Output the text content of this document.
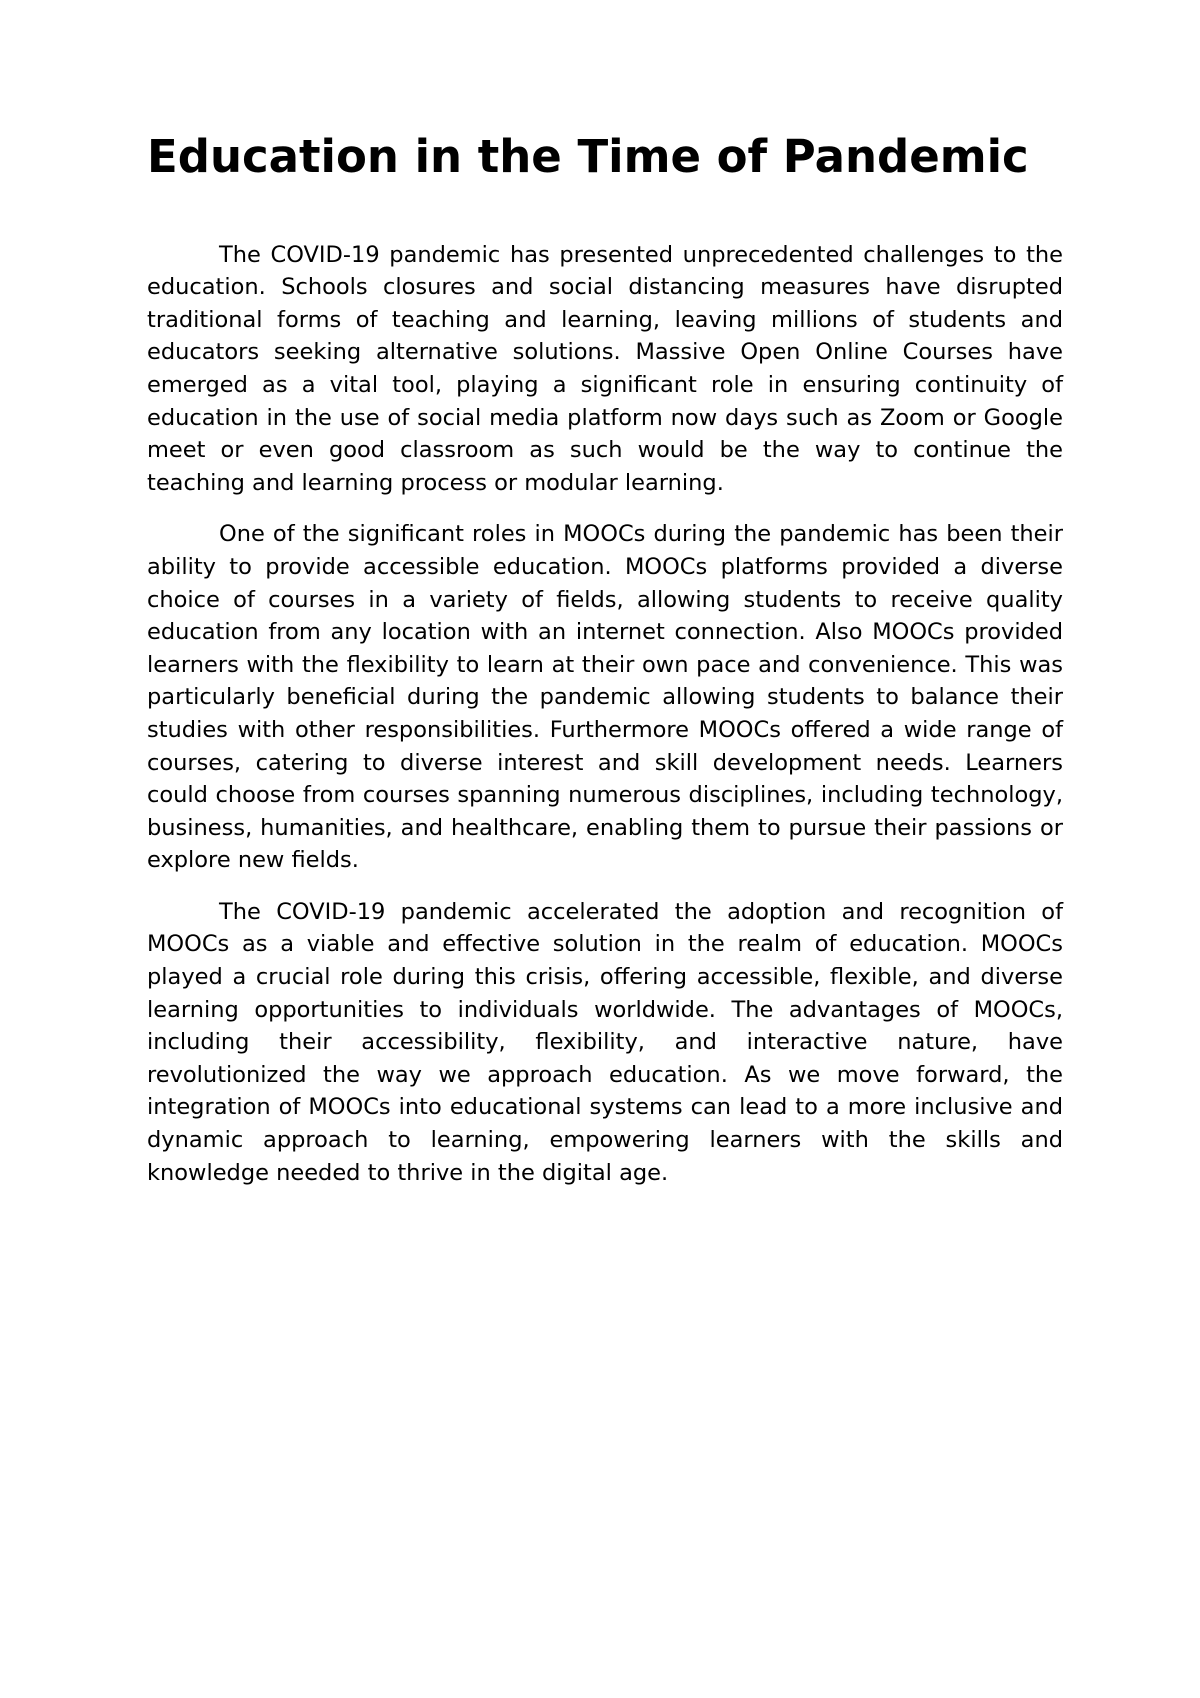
Education in the Time of Pandemic

The COVID-19 pandemic has presented unprecedented challenges to the education. Schools closures and social distancing measures have disrupted traditional forms of teaching and learning, leaving millions of students and educators seeking alternative solutions. Massive Open Online Courses have emerged as a vital tool, playing a significant role in ensuring continuity of education in the use of social media platform now days such as Zoom or Google meet or even good classroom as such would be the way to continue the teaching and learning process or modular learning.

One of the significant roles in MOOCs during the pandemic has been their ability to provide accessible education. MOOCs platforms provided a diverse choice of courses in a variety of fields, allowing students to receive quality education from any location with an internet connection. Also MOOCs provided learners with the flexibility to learn at their own pace and convenience. This was particularly beneficial during the pandemic allowing students to balance their studies with other responsibilities. Furthermore MOOCs offered a wide range of courses, catering to diverse interest and skill development needs. Learners could choose from courses spanning numerous disciplines, including technology, business, humanities, and healthcare, enabling them to pursue their passions or explore new fields.

The COVID-19 pandemic accelerated the adoption and recognition of MOOCs as a viable and effective solution in the realm of education. MOOCs played a crucial role during this crisis, offering accessible, flexible, and diverse learning opportunities to individuals worldwide. The advantages of MOOCs, including their accessibility, flexibility, and interactive nature, have revolutionized the way we approach education. As we move forward, the integration of MOOCs into educational systems can lead to a more inclusive and dynamic approach to learning, empowering learners with the skills and knowledge needed to thrive in the digital age.
